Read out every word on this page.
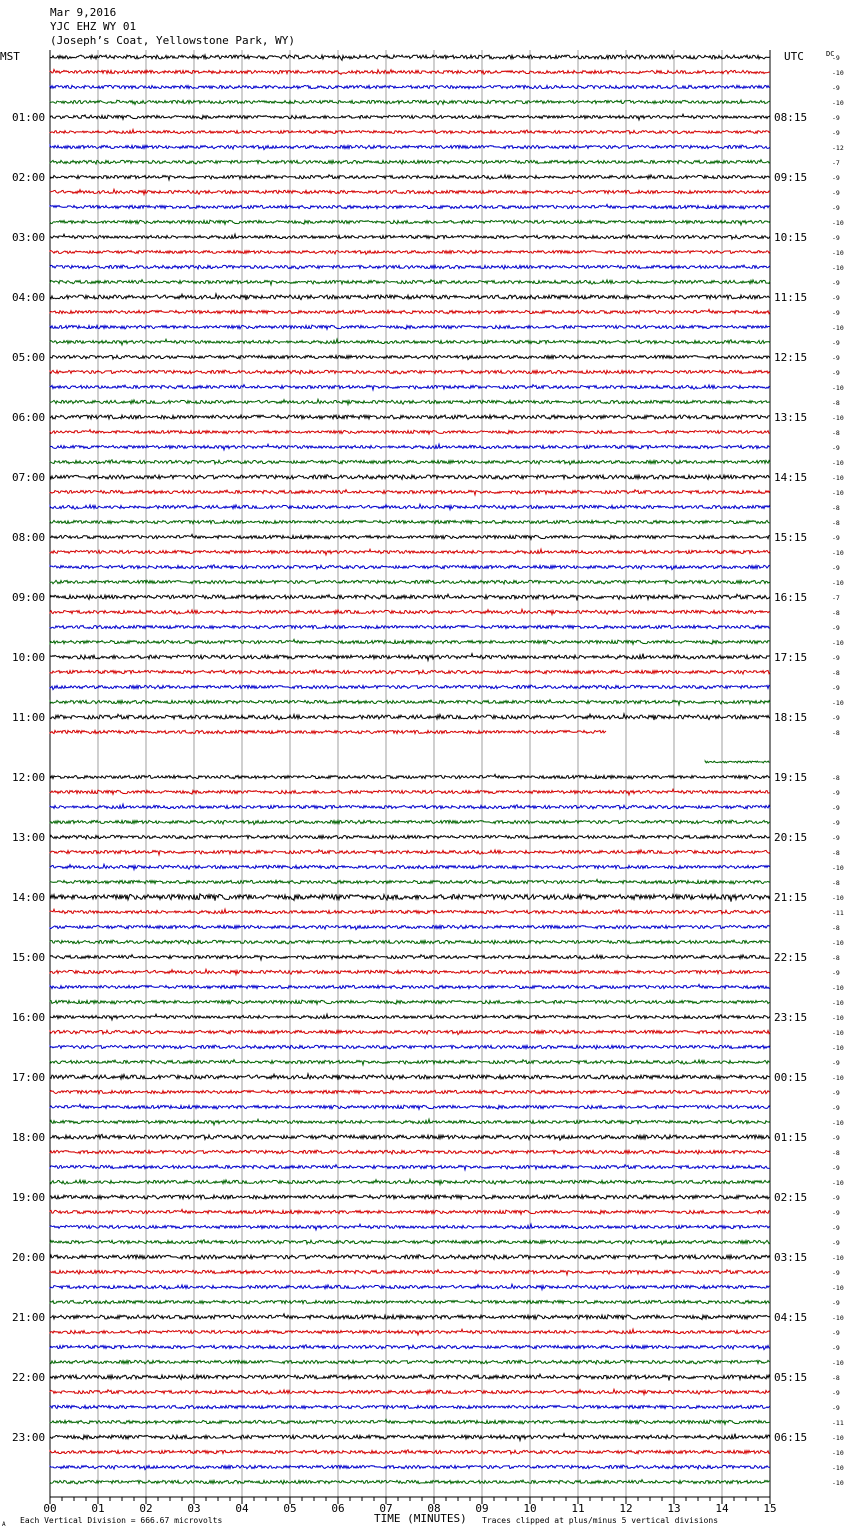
Mar 9,2016
YJC EHZ WY 01
(Joseph’s Coat, Yellowstone Park, WY)
MST	UTC	DC
A Each Vertical Division = 666.67 microvolts	TIME (MINUTES) Traces clipped at plus/minus 5 vertical divisions
-9
-10
-9
-10
-9
-9
-12
-7
-9
-9
-9
-10
-9
-10
-10
-9
-9
-9
-10
-9
-9
-9
-10
-8
-10
-8
-9
-10
-10
-10
-8
-8
-9
-10
-9
-10
-7
-8
-9
-10
-9
-8
-9
-10
-9
-8
-8
-9
-9
-9
-9
-8
-10
-8
-10
-11
-8
-10
-8
-9
-10
-10
-10
-10
-10
-9
-10
-9
-9
-10
-9
-8
-9
-10
-9
-9
-9
-9
-10
-9
-10
-9
-10
-9
-9
-10
-8
-9
-9
-11
-10
-10
-10
-10
01:00	08:15
02:00	09:15
03:00	10:15
04:00	11:15
05:00	12:15
06:00	13:15
07:00	14:15
08:00	15:15
09:00	16:15
10:00	17:15
11:00	18:15
12:00	19:15
13:00	20:15
14:00	21:15
15:00	22:15
16:00	23:15
17:00	00:15
18:00	01:15
19:00	02:15
20:00	03:15
21:00	04:15
22:00	05:15
23:00	06:15
00	01	02	03	04	05	06	07	08	09	10	11	12	13	14	15
